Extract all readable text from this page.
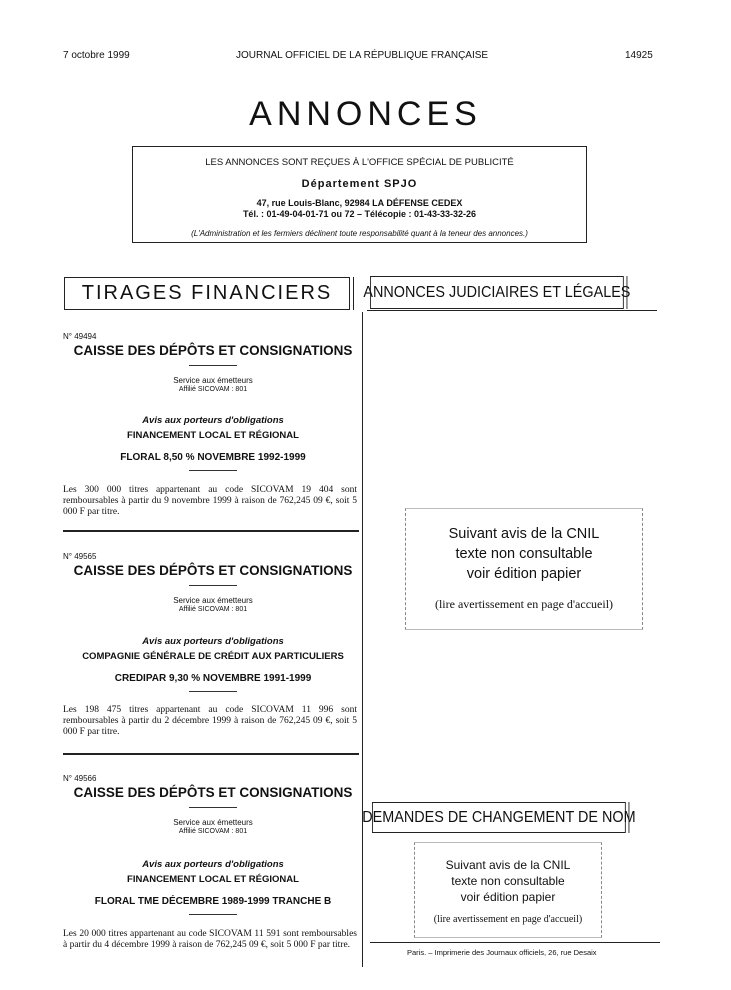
7 octobre 1999	JOURNAL OFFICIEL DE LA RÉPUBLIQUE FRANÇAISE	14925
ANNONCES
LES ANNONCES SONT REÇUES À L'OFFICE SPÉCIAL DE PUBLICITÉ
Département SPJO
47, rue Louis-Blanc, 92984 LA DÉFENSE CEDEX
Tél. : 01-49-04-01-71 ou 72 – Télécopie : 01-43-33-32-26
(L'Administration et les fermiers déclinent toute responsabilité quant à la teneur des annonces.)
TIRAGES FINANCIERS ANNONCES JUDICIAIRES ET LÉGALES
N° 49494
CAISSE DES DÉPÔTS ET CONSIGNATIONS
Service aux émetteurs
Affilié SICOVAM : 801
Avis aux porteurs d'obligations
FINANCEMENT LOCAL ET RÉGIONAL
FLORAL 8,50 % NOVEMBRE 1992-1999
Les 300 000 titres appartenant au code SICOVAM 19 404 sont remboursables à partir du 9 novembre 1999 à raison de 762,245 09 €, soit 5 000 F par titre.
N° 49565
CAISSE DES DÉPÔTS ET CONSIGNATIONS
Service aux émetteurs
Affilié SICOVAM : 801
Avis aux porteurs d'obligations
COMPAGNIE GÉNÉRALE DE CRÉDIT AUX PARTICULIERS
CREDIPAR 9,30 % NOVEMBRE 1991-1999
Les 198 475 titres appartenant au code SICOVAM 11 996 sont remboursables à partir du 2 décembre 1999 à raison de 762,245 09 €, soit 5 000 F par titre.
N° 49566
CAISSE DES DÉPÔTS ET CONSIGNATIONS
Service aux émetteurs
Affilié SICOVAM : 801
Avis aux porteurs d'obligations
FINANCEMENT LOCAL ET RÉGIONAL
FLORAL TME DÉCEMBRE 1989-1999 TRANCHE B
Les 20 000 titres appartenant au code SICOVAM 11 591 sont remboursables à partir du 4 décembre 1999 à raison de 762,245 09 €, soit 5 000 F par titre.
Suivant avis de la CNIL
texte non consultable
voir édition papier
(lire avertissement en page d'accueil)
DEMANDES DE CHANGEMENT DE NOM
Suivant avis de la CNIL
texte non consultable
voir édition papier
(lire avertissement en page d'accueil)
Paris. – Imprimerie des Journaux officiels, 26, rue Desaix
